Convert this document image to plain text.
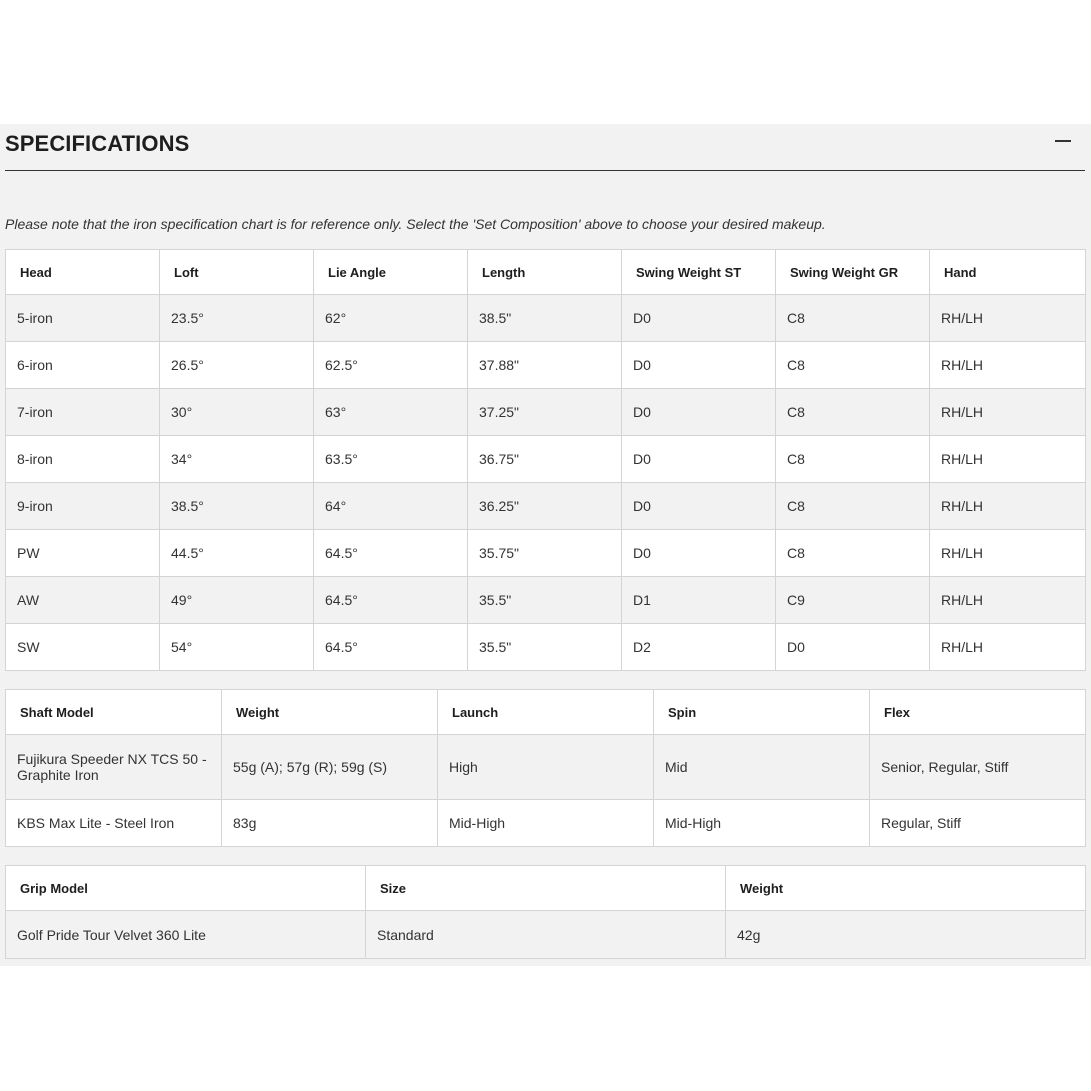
SPECIFICATIONS
Please note that the iron specification chart is for reference only. Select the 'Set Composition' above to choose your desired makeup.
Head	Loft	Lie Angle	Length	Swing Weight ST	Swing Weight GR	Hand
5-iron	23.5°	62°	38.5"	D0	C8	RH/LH
6-iron	26.5°	62.5°	37.88"	D0	C8	RH/LH
7-iron	30°	63°	37.25"	D0	C8	RH/LH
8-iron	34°	63.5°	36.75"	D0	C8	RH/LH
9-iron	38.5°	64°	36.25"	D0	C8	RH/LH
PW	44.5°	64.5°	35.75"	D0	C8	RH/LH
AW	49°	64.5°	35.5"	D1	C9	RH/LH
SW	54°	64.5°	35.5"	D2	D0	RH/LH
Shaft Model	Weight	Launch	Spin	Flex
Fujikura Speeder NX TCS 50 - Graphite Iron	55g (A); 57g (R); 59g (S)	High	Mid	Senior, Regular, Stiff
KBS Max Lite - Steel Iron	83g	Mid-High	Mid-High	Regular, Stiff
Grip Model	Size	Weight
Golf Pride Tour Velvet 360 Lite	Standard	42g
